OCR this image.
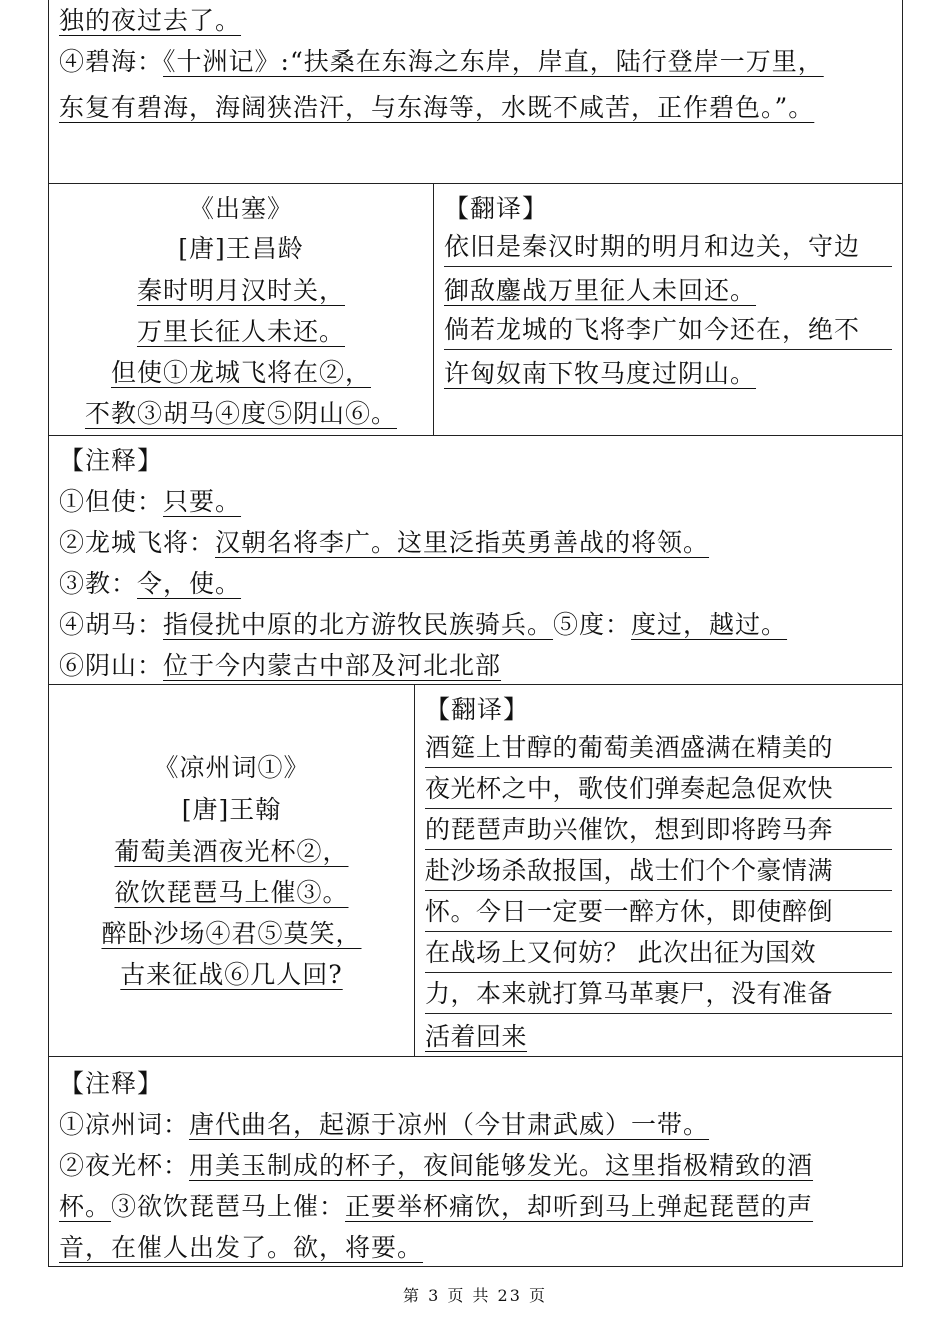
独的夜过去了。
④碧海：《十洲记》:“扶桑在东海之东岸，岸直，陆行登岸一万里，
东复有碧海，海阔狭浩汗，与东海等，水既不咸苦，正作碧色。”。
《出塞》
[唐]王昌龄
秦时明月汉时关，
万里长征人未还。
但使①龙城飞将在②，
不教③胡马④度⑤阴山⑥。
【翻译】
依旧是秦汉时期的明月和边关，守边
御敌鏖战万里征人未回还。
倘若龙城的飞将李广如今还在，绝不
许匈奴南下牧马度过阴山。
【注释】
①但使：只要。
②龙城飞将：汉朝名将李广。这里泛指英勇善战的将领。
③教：令，使。
④胡马：指侵扰中原的北方游牧民族骑兵。⑤度：度过，越过。
⑥阴山：位于今内蒙古中部及河北北部
《凉州词①》
[唐]王翰
葡萄美酒夜光杯②，
欲饮琵琶马上催③。
醉卧沙场④君⑤莫笑，
古来征战⑥几人回?
【翻译】
酒筵上甘醇的葡萄美酒盛满在精美的
夜光杯之中，歌伎们弹奏起急促欢快
的琵琶声助兴催饮，想到即将跨马奔
赴沙场杀敌报国，战士们个个豪情满
怀。今日一定要一醉方休，即使醉倒
在战场上又何妨？ 此次出征为国效
力，本来就打算马革裹尸，没有准备
活着回来
【注释】
①凉州词：唐代曲名，起源于凉州（今甘肃武威）一带。
②夜光杯：用美玉制成的杯子，夜间能够发光。这里指极精致的酒
杯。③欲饮琵琶马上催：正要举杯痛饮，却听到马上弹起琵琶的声
音，在催人出发了。欲，将要。
第 3 页 共 23 页
